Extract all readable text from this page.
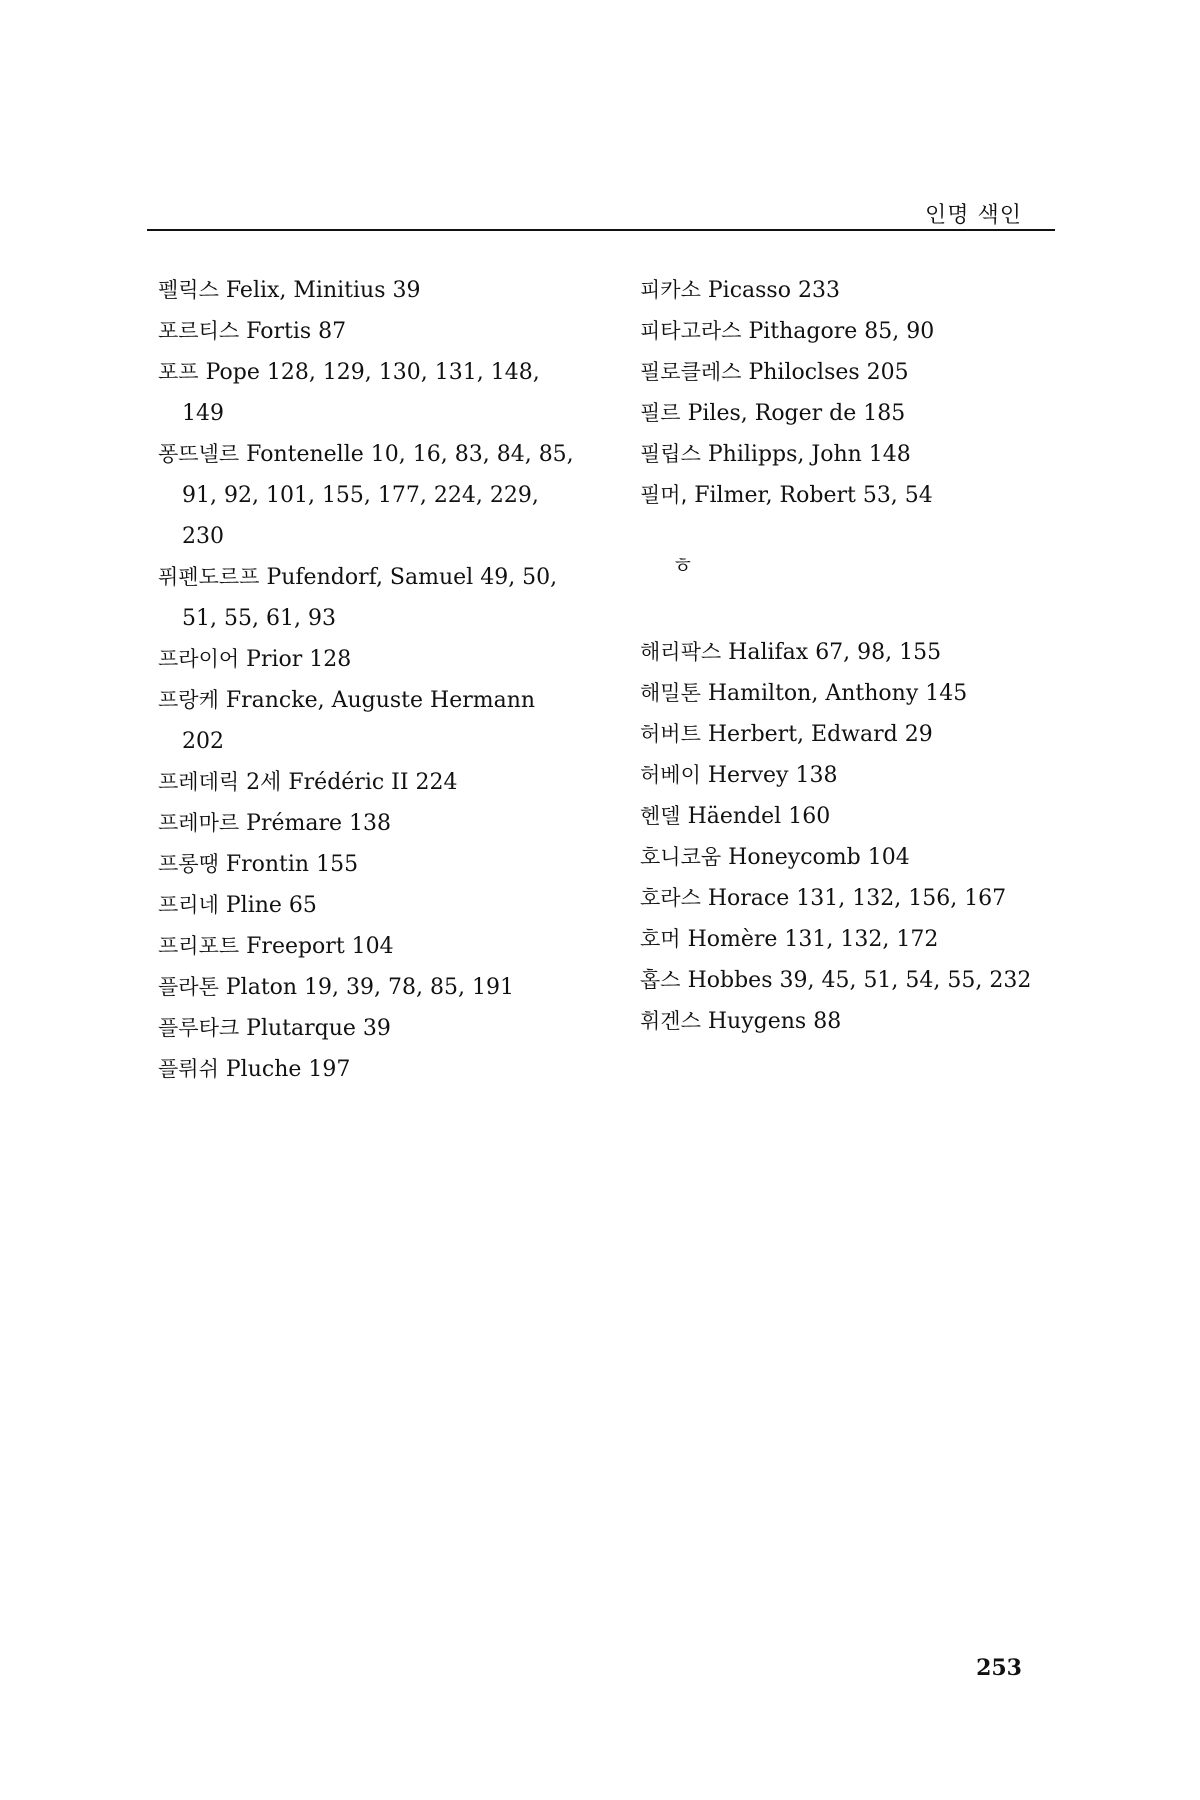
인명 색인
펠릭스 Felix, Minitius 39
포르티스 Fortis 87
포프 Pope 128, 129, 130, 131, 148, 149
퐁뜨넬르 Fontenelle 10, 16, 83, 84, 85, 91, 92, 101, 155, 177, 224, 229, 230
퓌펜도르프 Pufendorf, Samuel 49, 50, 51, 55, 61, 93
프라이어 Prior 128
프랑케 Francke, Auguste Hermann 202
프레데릭 2세 Frédéric II 224
프레마르 Prémare 138
프롱땡 Frontin 155
프리네 Pline 65
프리포트 Freeport 104
플라톤 Platon 19, 39, 78, 85, 191
플루타크 Plutarque 39
플뤼쉬 Pluche 197
피카소 Picasso 233
피타고라스 Pithagore 85, 90
필로클레스 Philoclses 205
필르 Piles, Roger de 185
필립스 Philipps, John 148
필머, Filmer, Robert 53, 54
ㅎ
해리팍스 Halifax 67, 98, 155
해밀톤 Hamilton, Anthony 145
허버트 Herbert, Edward 29
허베이 Hervey 138
헨델 Häendel 160
호니코움 Honeycomb 104
호라스 Horace 131, 132, 156, 167
호머 Homère 131, 132, 172
홉스 Hobbes 39, 45, 51, 54, 55, 232
휘겐스 Huygens 88
253
